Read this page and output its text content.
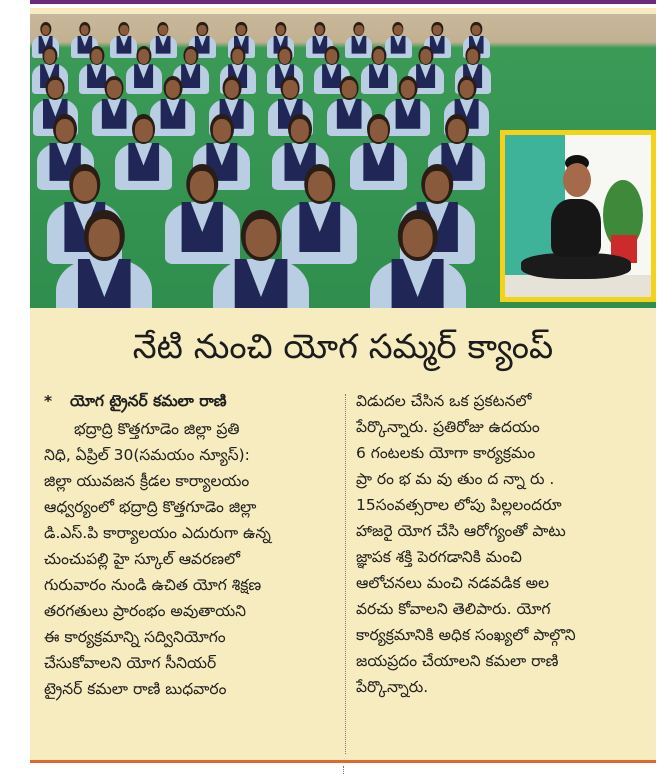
నేటి నుంచి యోగ సమ్మర్‌ క్యాంప్‌
* యోగ ట్రైనర్‌ కమలా రాణి
భద్రాద్రి కొత్తగూడెం జిల్లా ప్రతి
నిధి, ఏప్రిల్‌ 30(సమయం న్యూస్‌):
జిల్లా యువజన క్రీడల కార్యాలయం
ఆధ్వర్యంలో భద్రాద్రి కొత్తగూడెం జిల్లా
డి.ఎస్‌.పి కార్యాలయం ఎదురుగా ఉన్న
చుంచుపల్లి హై స్కూల్‌ ఆవరణలో
గురువారం నుండి ఉచిత యోగ శిక్షణ
తరగతులు ప్రారంభం అవుతాయని
ఈ కార్యక్రమాన్ని సద్వినియోగం
చేసుకోవాలని యోగ సీనియర్‌
ట్రైనర్‌ కమలా రాణి బుధవారం
విడుదల చేసిన ఒక ప్రకటనలో
పేర్కొన్నారు. ప్రతిరోజు ఉదయం
6 గంటలకు యోగా కార్యక్రమం
ప్రా రం భ మ వు తుం ద న్నా రు .
15సంవత్సరాల లోపు పిల్లలందరూ
హాజరై యోగ చేసి ఆరోగ్యంతో పాటు
జ్ఞాపక శక్తి పెరగడానికి మంచి
ఆలోచనలు మంచి నడవడిక అల
వరచు కోవాలని తెలిపారు. యోగ
కార్యక్రమానికి అధిక సంఖ్యలో పాల్గొని
జయప్రదం చేయాలని కమలా రాణి
పేర్కొన్నారు.
